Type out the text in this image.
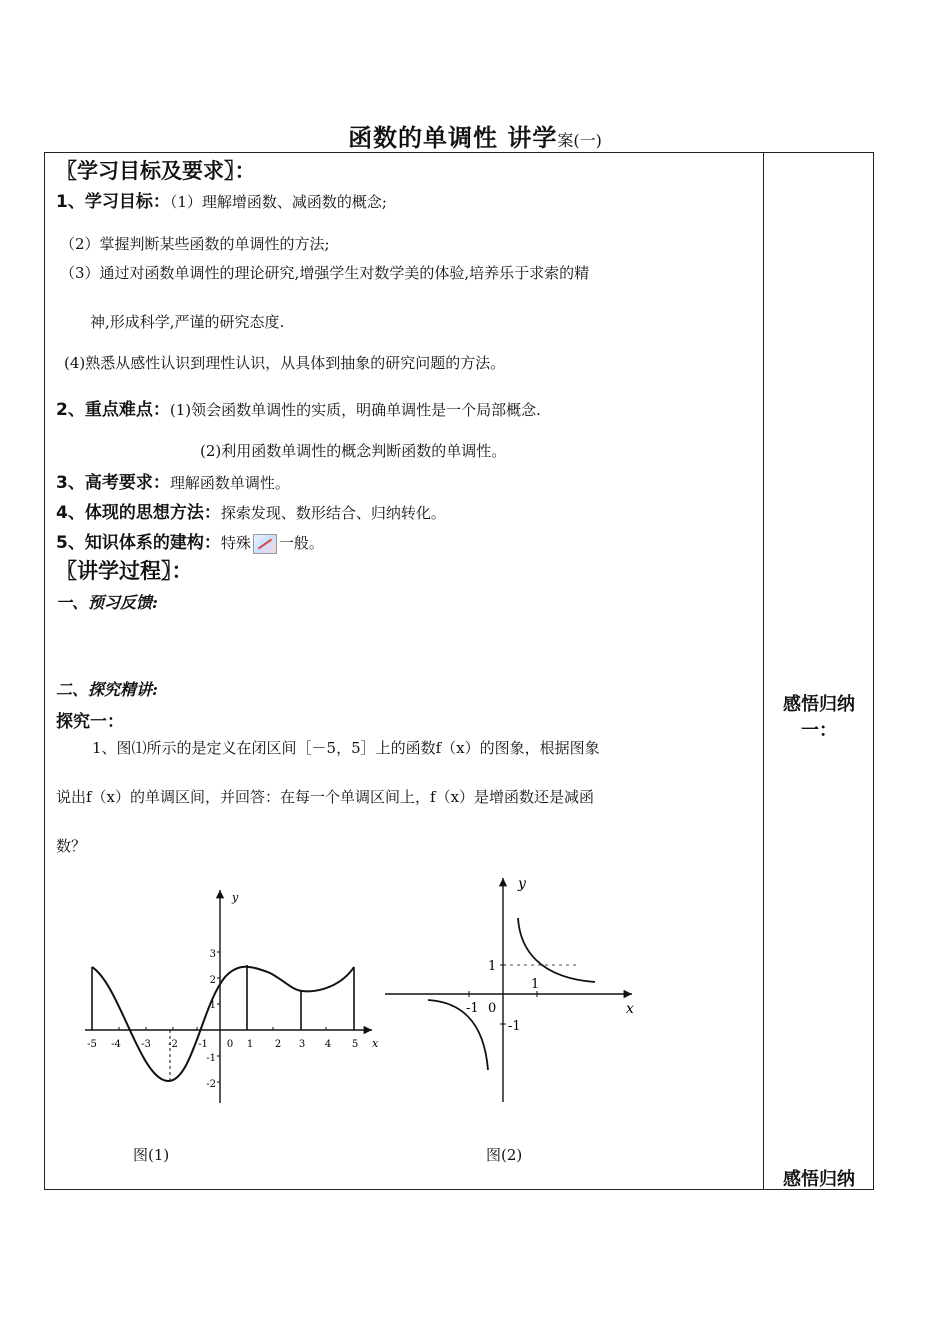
函数的单调性 讲学案(一)
〖学习目标及要求〗：
1、学习目标：（1）理解增函数、减函数的概念;
（2）掌握判断某些函数的单调性的方法;
（3）通过对函数单调性的理论研究,增强学生对数学美的体验,培养乐于求索的精
神,形成科学,严谨的研究态度.
(4)熟悉从感性认识到理性认识，从具体到抽象的研究问题的方法。
2、重点难点：(1)领会函数单调性的实质，明确单调性是一个局部概念.
(2)利用函数单调性的概念判断函数的单调性。
3、高考要求：理解函数单调性。
4、体现的思想方法：探索发现、数形结合、归纳转化。
5、知识体系的建构：特殊 一般。
〖讲学过程〗：
一、预习反馈:
二、探究精讲:
探究一：
1、图⑴所示的是定义在闭区间［－5，5］上的函数f（x）的图象，根据图象
说出f（x）的单调区间，并回答：在每一个单调区间上，f（x）是增函数还是减函
数？
感悟归纳
一：
感悟归纳
x
y
-5 -4 -3 -2 -1 0 1 2 3 4 5
3
2
1
-1
-2
y
x
1
-1 0
1
-1
图(1)	图(2)
